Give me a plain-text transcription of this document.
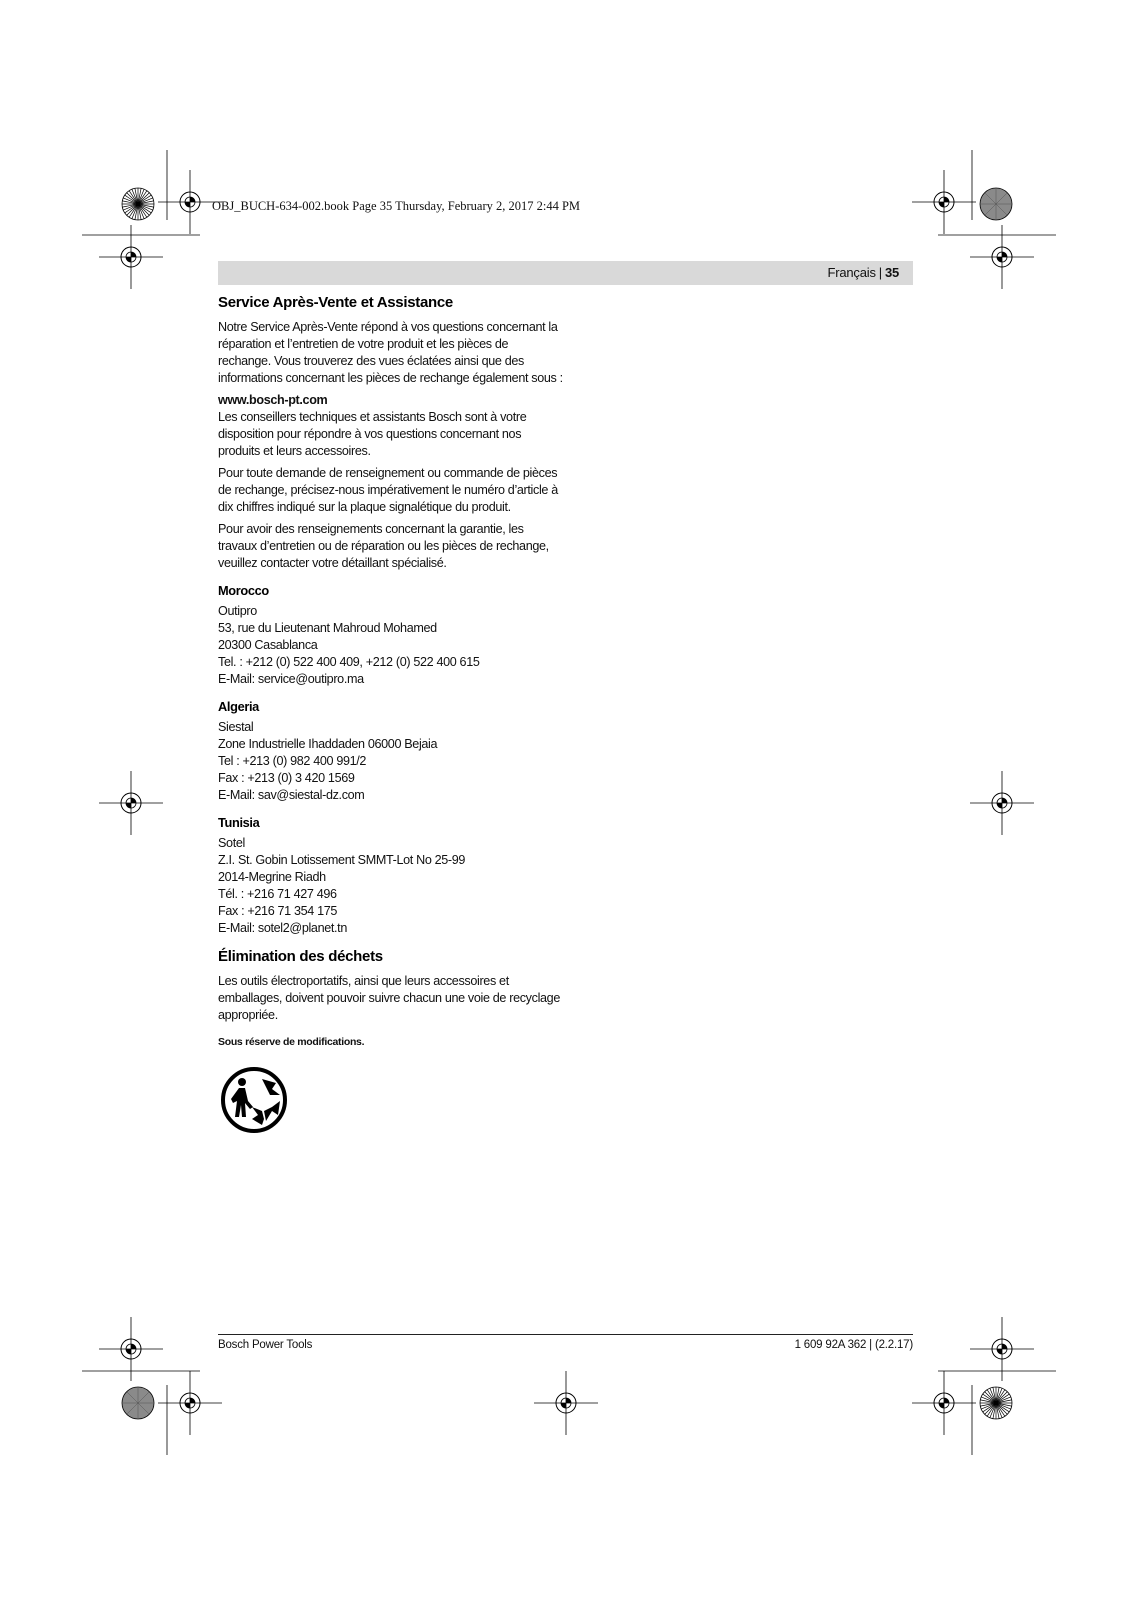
OBJ_BUCH-634-002.book Page 35 Thursday, February 2, 2017 2:44 PM
Français | 35
Service Après-Vente et Assistance

Notre Service Après-Vente répond à vos questions concernant la réparation et l’entretien de votre produit et les pièces de rechange. Vous trouverez des vues éclatées ainsi que des informations concernant les pièces de rechange également sous :

www.bosch-pt.com

Les conseillers techniques et assistants Bosch sont à votre disposition pour répondre à vos questions concernant nos produits et leurs accessoires.

Pour toute demande de renseignement ou commande de pièces de rechange, précisez-nous impérativement le numéro d’article à dix chiffres indiqué sur la plaque signalétique du produit.

Pour avoir des renseignements concernant la garantie, les travaux d’entretien ou de réparation ou les pièces de rechange, veuillez contacter votre détaillant spécialisé.

Morocco
Outipro
53, rue du Lieutenant Mahroud Mohamed
20300 Casablanca
Tel. : +212 (0) 522 400 409, +212 (0) 522 400 615
E-Mail: service@outipro.ma
Algeria
Siestal
Zone Industrielle Ihaddaden 06000 Bejaia
Tel : +213 (0) 982 400 991/2
Fax : +213 (0) 3 420 1569
E-Mail: sav@siestal-dz.com
Tunisia
Sotel
Z.I. St. Gobin Lotissement SMMT-Lot No 25-99
2014-Megrine Riadh
Tél. : +216 71 427 496
Fax : +216 71 354 175
E-Mail: sotel2@planet.tn
Élimination des déchets

Les outils électroportatifs, ainsi que leurs accessoires et emballages, doivent pouvoir suivre chacun une voie de recyclage appropriée.

Sous réserve de modifications.
Bosch Power Tools	1 609 92A 362 | (2.2.17)
